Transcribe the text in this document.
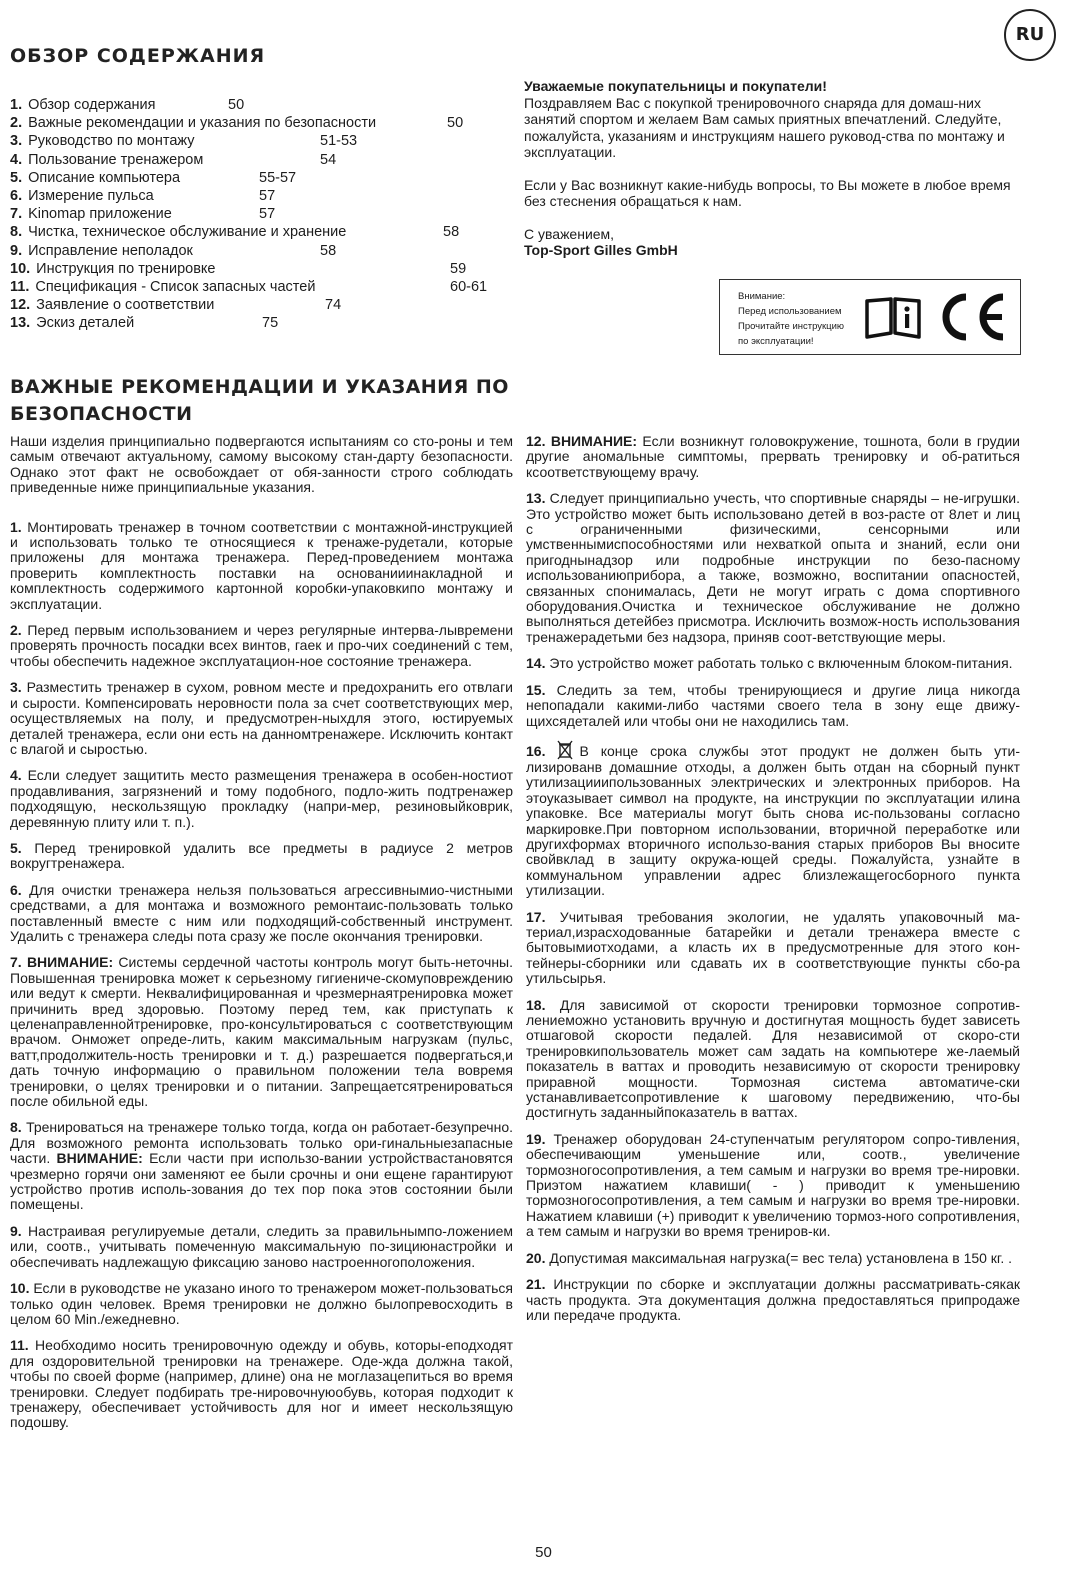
RU
ОБЗОР СОДЕРЖАНИЯ
1. Обзор содержания	50
2. Важные рекомендации и указания по безопасности	50
3. Руководство по монтажу	51-53
4. Пользование тренажером	54
5. Описание компьютера	55-57
6. Измерение пульса	57
7. Kinomap приложение	57
8. Чистка, техническое обслуживание и хранение	58
9. Исправление неполадок	58
10. Инструкция по тренировке	59
11. Спецификация - Список запасных частей	60-61
12. Заявление о соответствии	74
13. Эскиз деталей	75
Уважаемые покупательницы и покупатели!

Поздравляем Вас с покупкой тренировочного снаряда для домаш-них занятий спортом и желаем Вам самых приятных впечатлений. Следуйте, пожалуйста, указаниям и инструкциям нашего руковод-ства по монтажу и эксплуатации.

Если у Вас возникнут какие-нибудь вопросы, то Вы можете в любое время без стеснения обращаться к нам.

С уважением,
Top-Sport Gilles GmbH
Внимание:
Перед использованием
Прочитайте инструкцию
по эксплуатации!
ВАЖНЫЕ РЕКОМЕНДАЦИИ И УКАЗАНИЯ ПО БЕЗОПАСНОСТИ

Наши изделия принципиально подвергаются испытаниям со сто-роны и тем самым отвечают актуальному, самому высокому стан-дарту безопасности. Однако этот факт не освобождает от обя-занности строго соблюдать приведенные ниже принципиальные указания.

1. Монтировать тренажер в точном соответствии с монтажной-инструкцией и использовать только те относящиеся к тренаже-рудетали, которые приложены для монтажа тренажера. Перед-проведением монтажа проверить комплектность поставки на основанииинакладной и комплектность содержимого картонной коробки-упаковкипо монтажу и эксплуатации.

2. Перед первым использованием и через регулярные интерва-лывремени проверять прочность посадки всех винтов, гаек и про-чих соединений с тем, чтобы обеспечить надежное эксплуатацион-ное состояние тренажера.

3. Разместить тренажер в сухом, ровном месте и предохранить его отвлаги и сырости. Компенсировать неровности пола за счет соответствующих мер, осуществляемых на полу, и предусмотрен-ныхдля этого, юстируемых деталей тренажера, если они есть на данномтренажере. Исключить контакт с влагой и сыростью.

4. Если следует защитить место размещения тренажера в особен-ностиот продавливания, загрязнений и тому подобного, подло-жить подтренажер подходящую, нескользящую прокладку (напри-мер, резиновыйковрик, деревянную плиту или т. п.).

5. Перед тренировкой удалить все предметы в радиусе 2 метров вокругтренажера.

6. Для очистки тренажера нельзя пользоваться агрессивнымио-чистными средствами, а для монтажа и возможного ремонтаис-пользовать только поставленный вместе с ним или подходящий-собственный инструмент. Удалить с тренажера следы пота сразу же после окончания тренировки.

7. ВНИМАНИЕ: Системы сердечной частоты контроль могут быть-неточны. Повышенная тренировка может к серьезному гигиениче-скомуповреждению или ведут к смерти. Неквалифицированная и чрезмернаятренировка может причинить вред здоровью. Поэтому перед тем, как приступать к целенаправленнойтренировке, про-консультироваться с соответствующим врачом. Онможет опреде-лить, каким максимальным нагрузкам (пульс, ватт,продолжитель-ность тренировки и т. д.) разрешается подвергаться,и дать точную информацию о правильном положении тела вовремя тренировки, о целях тренировки и о питании. Запрещаетсятренироваться после обильной еды.

8. Тренироваться на тренажере только тогда, когда он работает-безупречно. Для возможного ремонта использовать только ори-гинальныезапасные части. ВНИМАНИЕ: Если части при использо-вании устройствастановятся чрезмерно горячи они заменяют ее были срочны и они ещене гарантируют устройство против исполь-зования до тех пор пока этов состоянии были помещены.

9. Настраивая регулируемые детали, следить за правильнымпо-ложением или, соотв., учитывать помеченную максимальную по-зициюнастройки и обеспечивать надлежащую фиксацию заново настроенногоположения.

10. Если в руководстве не указано иного то тренажером может-пользоваться только один человек. Время тренировки не должно былопревосходить в целом 60 Min./ежедневно.

11. Необходимо носить тренировочную одежду и обувь, которы-еподходят для оздоровительной тренировки на тренажере. Оде-жда должна такой, чтобы по своей форме (например, длине) она не моглазацепиться во время тренировки. Следует подбирать тре-нировочнуюобувь, которая подходит к тренажеру, обеспечивает устойчивость для ног и имеет нескользящую подошву.

12. ВНИМАНИЕ: Если возникнут головокружение, тошнота, боли в грудии другие аномальные симптомы, прервать тренировку и об-ратиться ксоответствующему врачу.

13. Следует принципиально учесть, что спортивные снаряды – не-игрушки. Это устройство может быть использовано детей в воз-расте от 8лет и лиц с ограниченными физическими, сенсорными или умственнымиспособностями или нехваткой опыта и знаний, если они пригоднынадзор или подробные инструкции по безо-пасному использованиюприбора, а также, возможно, воспитании опасностей, связанных спонималась, Дети не могут играть с дома спортивного оборудования.Очистка и техническое обслуживание не должно выполняться детейбез присмотра. Исключить возмож-ность использования тренажерадетьми без надзора, приняв соот-ветствующие меры.

14. Это устройство может работать только с включенным блоком-питания.

15. Следить за тем, чтобы тренирующиеся и другие лица никогда непопадали какими-либо частями своего тела в зону еще движу-щихсядеталей или чтобы они не находились там.

16. В конце срока службы этот продукт не должен быть ути-лизированв домашние отходы, а должен быть отдан на сборный пункт утилизацииипользованных электрических и электронных приборов. На этоуказывает символ на продукте, на инструкции по эксплуатации илина упаковке. Все материалы могут быть снова ис-пользованы согласно маркировке.При повторном использовании, вторичной переработке или другихформах вторичного использо-вания старых приборов Вы вносите свойвклад в защиту окружа-ющей среды. Пожалуйста, узнайте в коммунальном управлении адрес близлежащегосборного пункта утилизации.

17. Учитывая требования экологии, не удалять упаковочный ма-териал,израсходованные батарейки и детали тренажера вместе с бытовымиотходами, а класть их в предусмотренные для этого кон-тейнеры-сборники или сдавать их в соответствующие пункты сбо-ра утильсырья.

18. Для зависимой от скорости тренировки тормозное сопротив-лениеможно установить вручную и достигнутая мощность будет зависеть отшаговой скорости педалей. Для независимой от скоро-сти тренировкипользователь может сам задать на компьютере же-лаемый показатель в ваттах и проводить независимую от скорости тренировку приравной мощности. Тормозная система автоматиче-ски устанавливаетсопротивление к шаговому передвижению, что-бы достигнуть заданныйпоказатель в ваттах.

19. Тренажер оборудован 24-ступенчатым регулятором сопро-тивления, обеспечивающим уменьшение или, соотв., увеличение тормозногосопротивления, а тем самым и нагрузки во время тре-нировки. Приэтом нажатием клавиши( - ) приводит к уменьшению тормозногосопротивления, а тем самым и нагрузки во время тре-нировки. Нажатием клавиши (+) приводит к увеличению тормоз-ного сопротивления, а тем самым и нагрузки во время трениров-ки.

20. Допустимая максимальная нагрузка(= вес тела) установлена в 150 кг. .

21. Инструкции по сборке и эксплуатации должны рассматривать-сякак часть продукта. Эта документация должна предоставляться припродаже или передаче продукта.

50
